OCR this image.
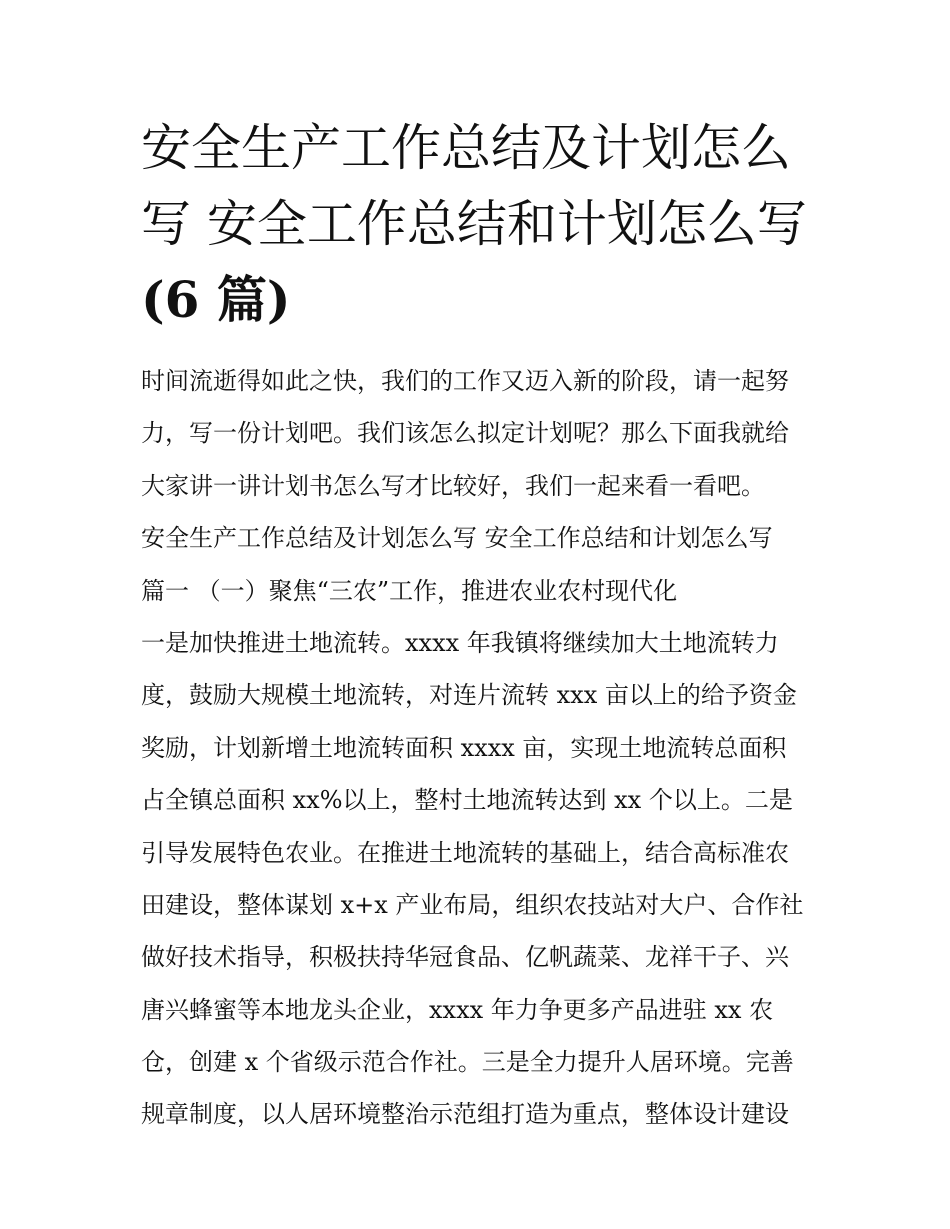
安全生产工作总结及计划怎么
写 安全工作总结和计划怎么写
(6 篇)
时间流逝得如此之快，我们的工作又迈入新的阶段，请一起努
力，写一份计划吧。我们该怎么拟定计划呢？那么下面我就给
大家讲一讲计划书怎么写才比较好，我们一起来看一看吧。
安全生产工作总结及计划怎么写 安全工作总结和计划怎么写
篇一 （一）聚焦“三农”工作，推进农业农村现代化
一是加快推进土地流转。xxxx 年我镇将继续加大土地流转力
度，鼓励大规模土地流转，对连片流转 xxx 亩以上的给予资金
奖励，计划新增土地流转面积 xxxx 亩，实现土地流转总面积
占全镇总面积 xx%以上，整村土地流转达到 xx 个以上。二是
引导发展特色农业。在推进土地流转的基础上，结合高标准农
田建设，整体谋划 x+x 产业布局，组织农技站对大户、合作社
做好技术指导，积极扶持华冠食品、亿帆蔬菜、龙祥干子、兴
唐兴蜂蜜等本地龙头企业，xxxx 年力争更多产品进驻 xx 农
仓，创建 x 个省级示范合作社。三是全力提升人居环境。完善
规章制度，以人居环境整治示范组打造为重点，整体设计建设
